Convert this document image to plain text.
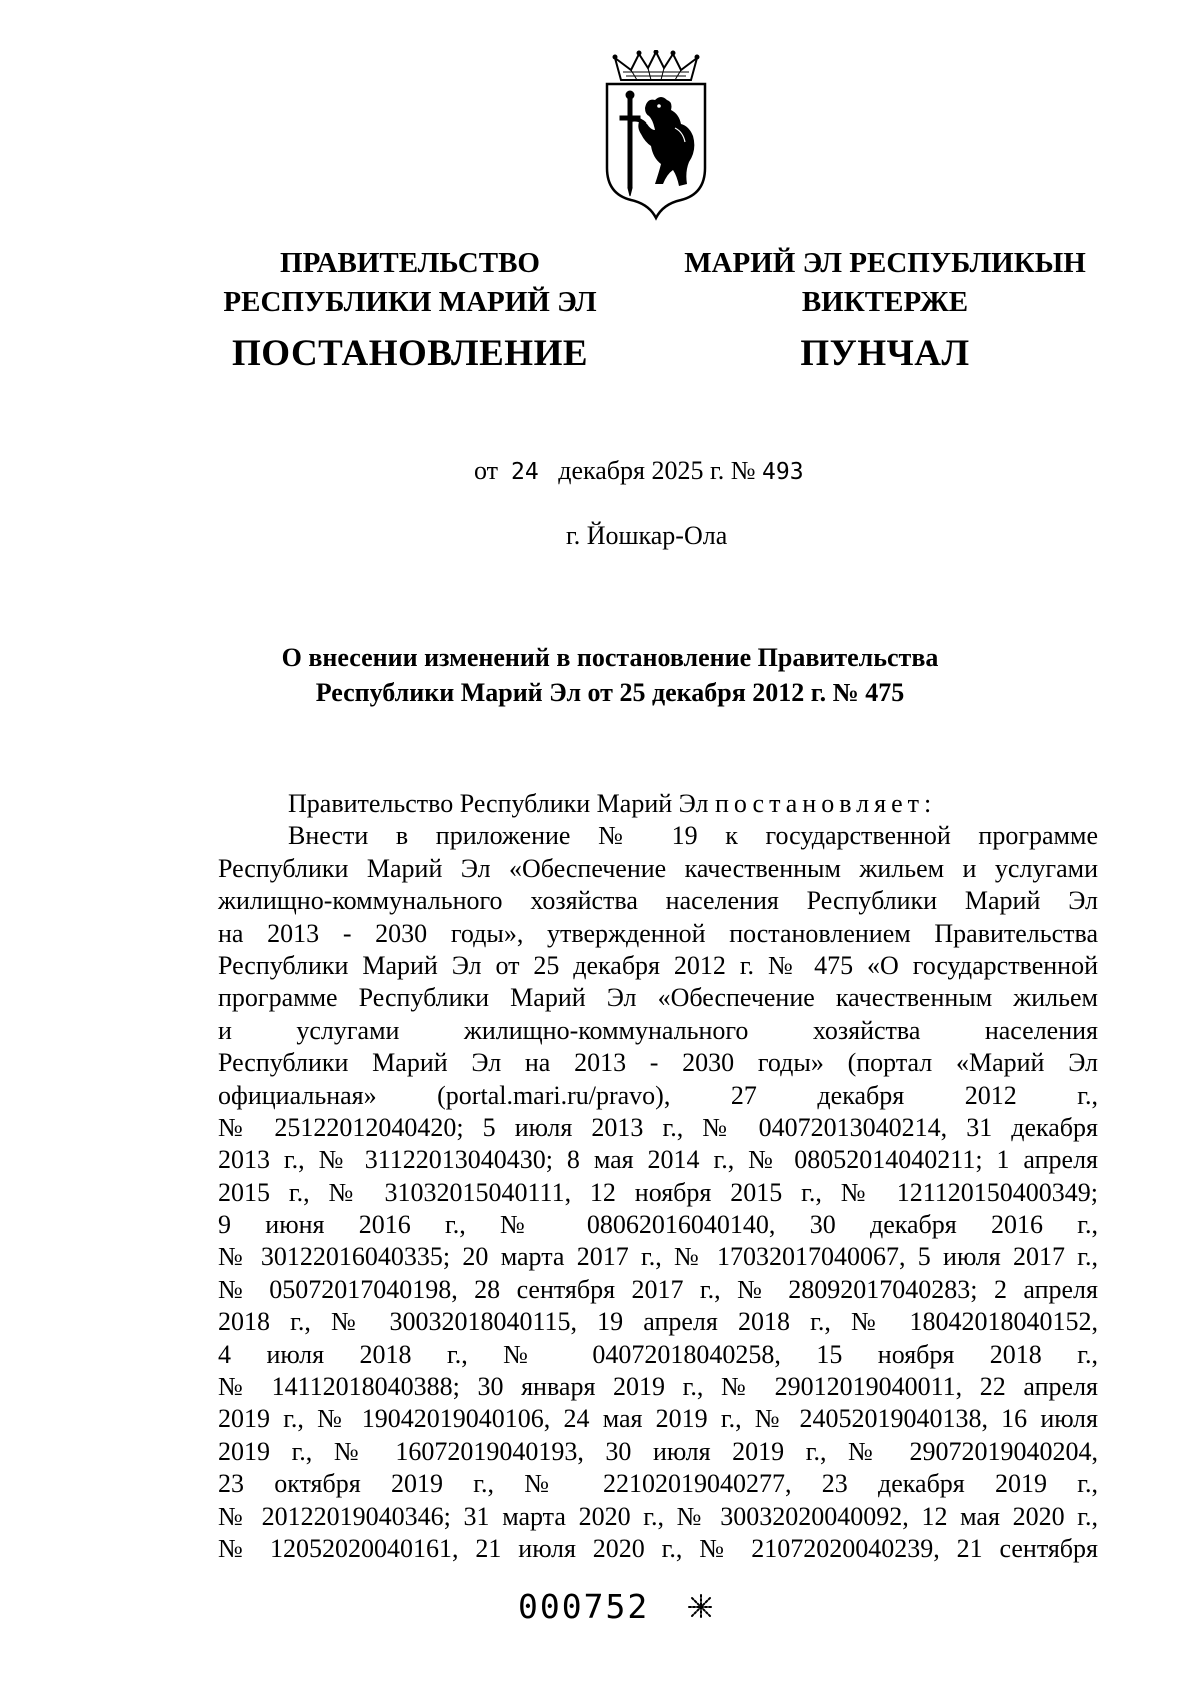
ПРАВИТЕЛЬСТВО
РЕСПУБЛИКИ МАРИЙ ЭЛ
ПОСТАНОВЛЕНИЕ
МАРИЙ ЭЛ РЕСПУБЛИКЫН
ВИКТЕРЖЕ
ПУНЧАЛ
от 24 декабря 2025 г. № 493
г. Йошкар-Ола
О внесении изменений в постановление Правительства
Республики Марий Эл от 25 декабря 2012 г. № 475

Правительство Республики Марий Эл постановляет:

Внести в приложение № 19 к государственной программе
Республики Марий Эл «Обеспечение качественным жильем и услугами
жилищно-коммунального хозяйства населения Республики Марий Эл
на 2013 - 2030 годы», утвержденной постановлением Правительства
Республики Марий Эл от 25 декабря 2012 г. № 475 «О государственной
программе Республики Марий Эл «Обеспечение качественным жильем
и услугами жилищно-коммунального хозяйства населения
Республики Марий Эл на 2013 - 2030 годы» (портал «Марий Эл
официальная» (portal.mari.ru/pravo), 27 декабря 2012 г.,
№ 25122012040420; 5 июля 2013 г., № 04072013040214, 31 декабря
2013 г., № 31122013040430; 8 мая 2014 г., № 08052014040211; 1 апреля
2015 г., № 31032015040111, 12 ноября 2015 г., № 121120150400349;
9 июня 2016 г., № 08062016040140, 30 декабря 2016 г.,
№ 30122016040335; 20 марта 2017 г., № 17032017040067, 5 июля 2017 г.,
№ 05072017040198, 28 сентября 2017 г., № 28092017040283; 2 апреля
2018 г., № 30032018040115, 19 апреля 2018 г., № 18042018040152,
4 июля 2018 г., № 04072018040258, 15 ноября 2018 г.,
№ 14112018040388; 30 января 2019 г., № 29012019040011, 22 апреля
2019 г., № 19042019040106, 24 мая 2019 г., № 24052019040138, 16 июля
2019 г., № 16072019040193, 30 июля 2019 г., № 29072019040204,
23 октября 2019 г., № 22102019040277, 23 декабря 2019 г.,
№ 20122019040346; 31 марта 2020 г., № 30032020040092, 12 мая 2020 г.,
№ 12052020040161, 21 июля 2020 г., № 21072020040239, 21 сентября
000752
